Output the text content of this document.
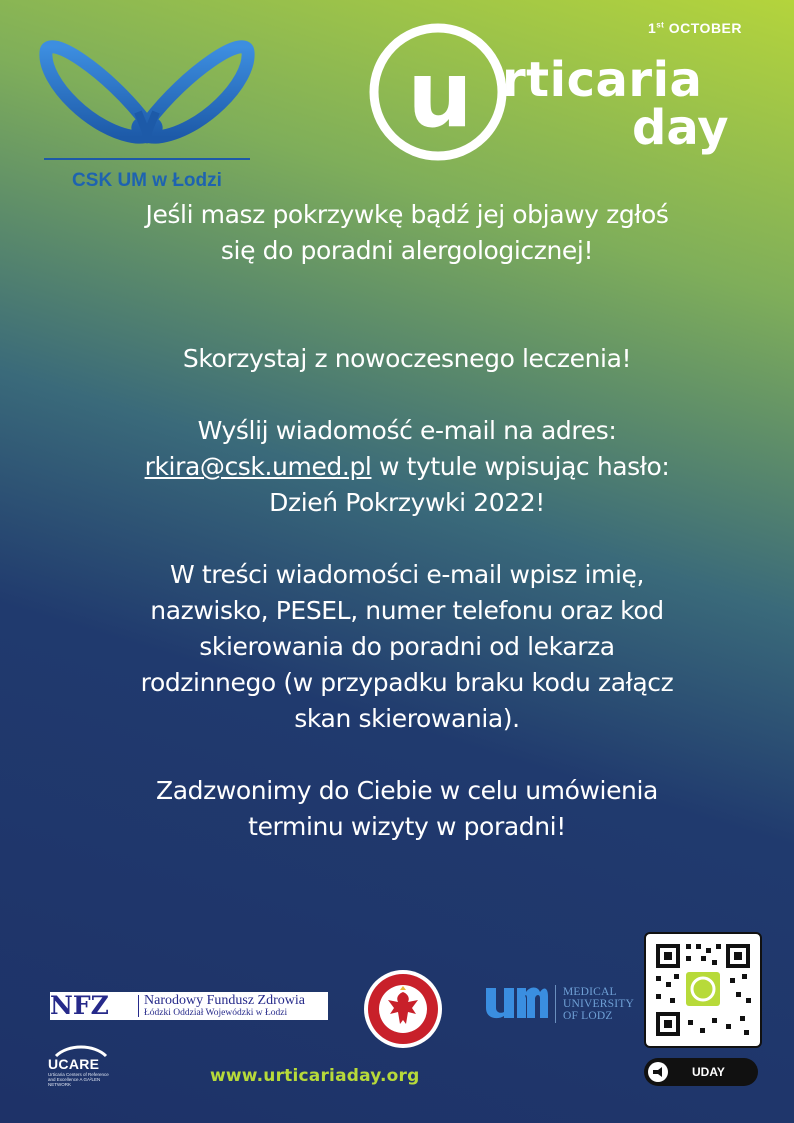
CSK UM w Łodzi
1st OCTOBER
u rticaria
day

Jeśli masz pokrzywkę bądź jej objawy zgłoś

się do poradni alergologicznej!

Skorzystaj z nowoczesnego leczenia!

Wyślij wiadomość e-mail na adres:

rkira@csk.umed.pl w tytule wpisując hasło:

Dzień Pokrzywki 2022!

W treści wiadomości e-mail wpisz imię,

nazwisko, PESEL, numer telefonu oraz kod

skierowania do poradni od lekarza

rodzinnego (w przypadku braku kodu załącz

skan skierowania).

Zadzwonimy do Ciebie w celu umówienia

terminu wizyty w poradni!

UDAY
NFZ	Narodowy Fundusz Zdrowia
Łódzki Oddział Wojewódzki w Łodzi
MEDICAL
UNIVERSITY
OF LODZ
UCARE
Urticaria Centers of Reference and Excellence A GA²LEN NETWORK	www.urticariaday.org
